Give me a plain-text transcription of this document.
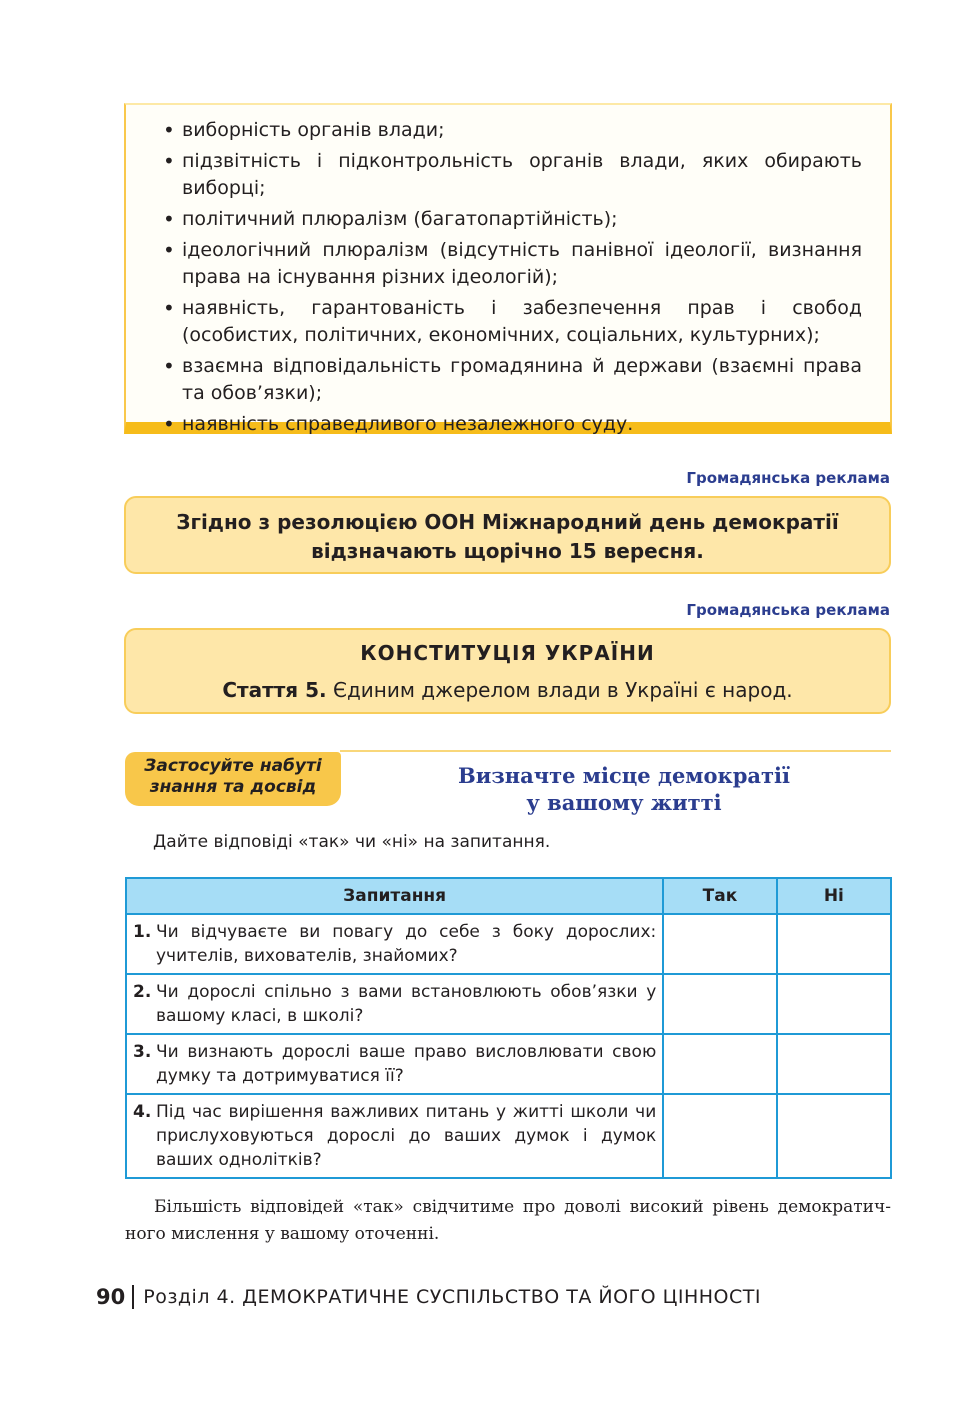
• виборність органів влади;
• підзвітність і підконтрольність органів влади, яких обирають виборці;
• політичний плюралізм (багатопартійність);
• ідеологічний плюралізм (відсутність панівної ідеології, визнання права на існування різних ідеологій);
• наявність, гарантованість і забезпечення прав і свобод (особистих, політичних, економічних, соціальних, культурних);
• взаємна відповідальність громадянина й держави (взаємні права та обов’язки);
• наявність справедливого незалежного суду.
Громадянська реклама

Згідно з резолюцією ООН Міжнародний день демократії

відзначають щорічно 15 вересня.

Громадянська реклама
КОНСТИТУЦІЯ УКРАЇНИ
Стаття 5. Єдиним джерелом влади в Україні є народ.
Застосуйте набуті
знання та досвід	Визначте місце демократії
у вашому житті
Дайте відповіді «так» чи «ні» на запитання.
Запитання	Так	Ні

1. Чи відчуваєте ви повагу до себе з боку дорослих: учителів, вихователів, знайомих?		

2. Чи дорослі спільно з вами встановлюють обов’язки у вашому класі, в школі?		

3. Чи визнають дорослі ваше право висловлювати свою думку та дотримуватися її?		

4. Під час вирішення важливих питань у житті школи чи прислуховуються дорослі до ваших думок і думок ваших однолітків?		

Більшість відповідей «так» свідчитиме про доволі високий рівень демократичного мислення у вашому оточенні.
90 Розділ 4. ДЕМОКРАТИЧНЕ СУСПІЛЬСТВО ТА ЙОГО ЦІННОСТІ
